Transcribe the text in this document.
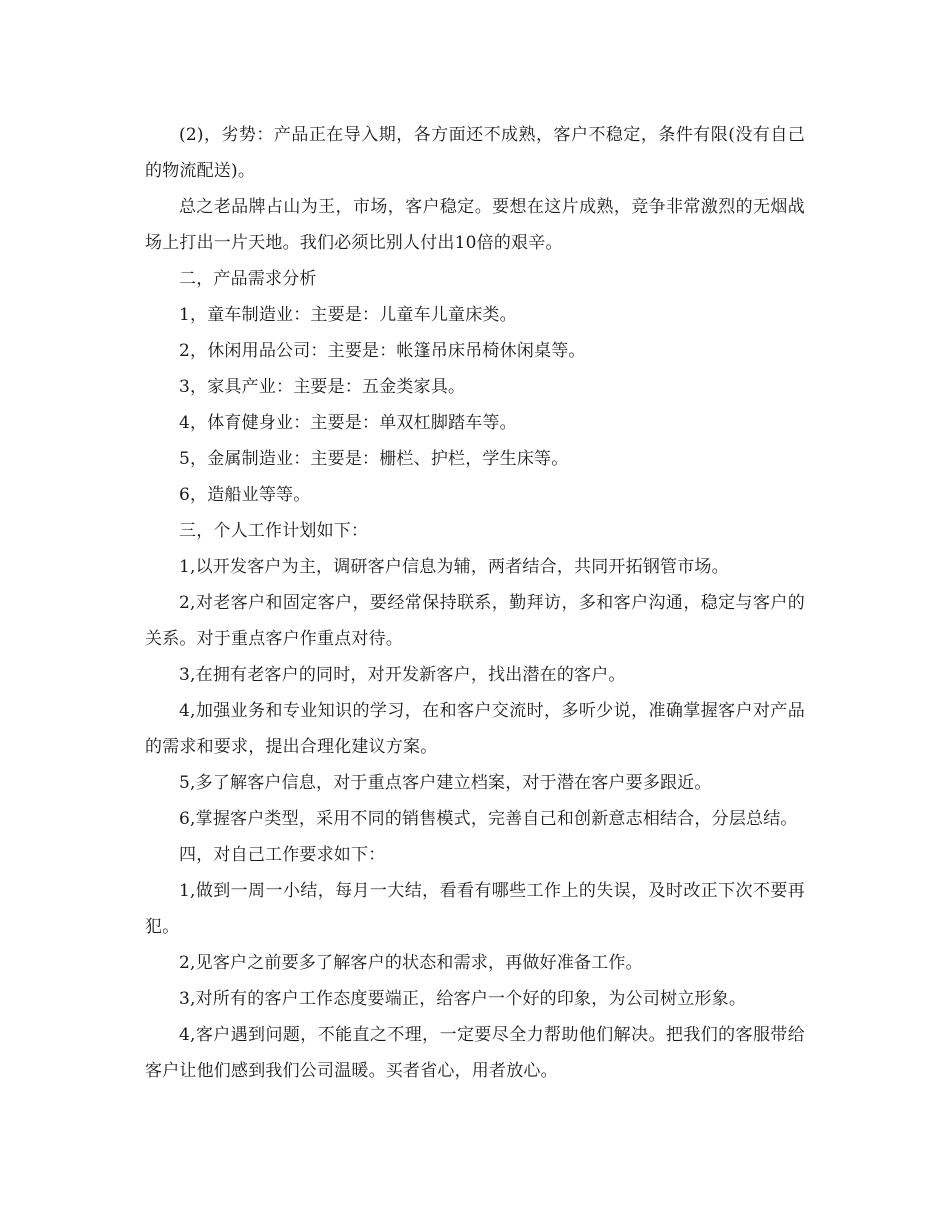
(2)，劣势：产品正在导入期，各方面还不成熟，客户不稳定，条件有限(没有自己的物流配送)。

总之老品牌占山为王，市场，客户稳定。要想在这片成熟，竞争非常激烈的无烟战场上打出一片天地。我们必须比别人付出10倍的艰辛。

二，产品需求分析

1，童车制造业：主要是：儿童车儿童床类。

2，休闲用品公司：主要是：帐篷吊床吊椅休闲桌等。

3，家具产业：主要是：五金类家具。

4，体育健身业：主要是：单双杠脚踏车等。

5，金属制造业：主要是：栅栏、护栏，学生床等。

6，造船业等等。

三，个人工作计划如下：

1,以开发客户为主，调研客户信息为辅，两者结合，共同开拓钢管市场。

2,对老客户和固定客户，要经常保持联系，勤拜访，多和客户沟通，稳定与客户的关系。对于重点客户作重点对待。

3,在拥有老客户的同时，对开发新客户，找出潜在的客户。

4,加强业务和专业知识的学习，在和客户交流时，多听少说，准确掌握客户对产品的需求和要求，提出合理化建议方案。

5,多了解客户信息，对于重点客户建立档案，对于潜在客户要多跟近。

6,掌握客户类型，采用不同的销售模式，完善自己和创新意志相结合，分层总结。

四，对自己工作要求如下：

1,做到一周一小结，每月一大结，看看有哪些工作上的失误，及时改正下次不要再犯。

2,见客户之前要多了解客户的状态和需求，再做好准备工作。

3,对所有的客户工作态度要端正，给客户一个好的印象，为公司树立形象。

4,客户遇到问题，不能直之不理，一定要尽全力帮助他们解决。把我们的客服带给客户让他们感到我们公司温暖。买者省心，用者放心。
